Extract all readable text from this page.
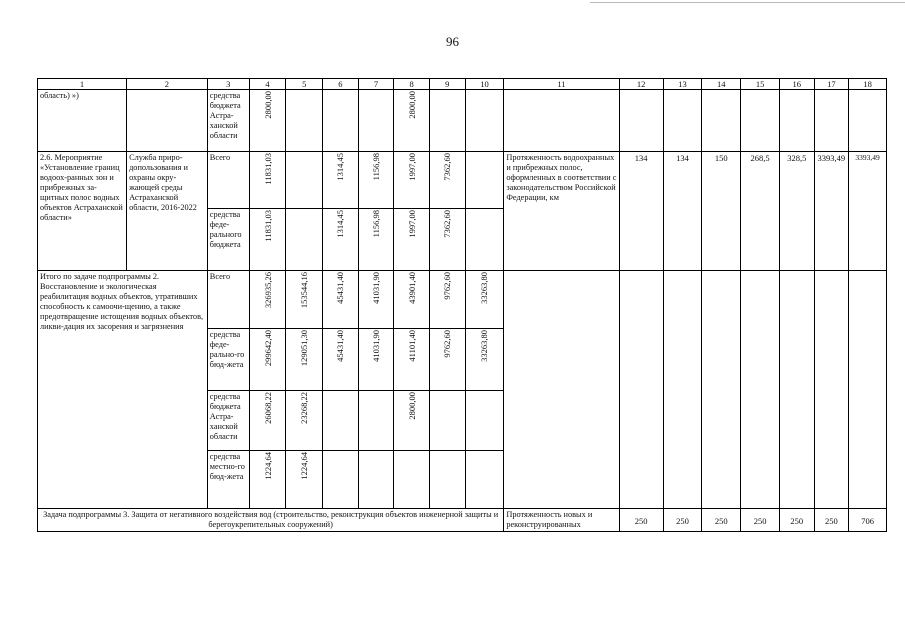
96
1	2	3	4	5	6	7	8	9	10	11	12	13	14	15	16	17	18
область) »)		средства бюджета Астра-ханской области	2800,00				2800,00										
2.6. Мероприятие «Установление границ водоох-ранных зон и прибрежных за-щитных полос водных объектов Астраханской области»	Служба приро-допользования и охраны окру-жающей среды Астраханской области, 2016-2022	Всего	11831,03		1314,45	1156,98	1997,00	7362,60		Протяженность водоохранных и прибрежных полос, оформленных в соответствии с законодательством Российской Федерации, км	134	134	150	268,5	328,5	3393,49	3393,49
		средства феде-рального бюджета	11831,03		1314,45	1156,98	1997,00	7362,60									
Итого по задаче подпрограммы 2. Восстановление и экологическая реабилитация водных объектов, утративших способность к самоочи-щению, а также предотвращение истощения водных объектов, ликви-дация их засорения и загрязнения		Всего	326935,26	153544,16	45431,40	41031,90	43901,40	9762,60	33263,80								
		средства феде-рально-го бюд-жета	299642,40	129051,30	45431,40	41031,90	41101,40	9762,60	33263,80								
		средства бюджета Астра-ханской области	26068,22	23268,22			2800,00										
		средства местно-го бюд-жета	1224,64	1224,64													
Задача подпрограммы 3. Защита от негативного воздействия вод (строительство, реконструкция объектов инженерной защиты и берегоукрепительных сооружений)										Протяженность новых и реконструированных	250	250	250	250	250	250	706
